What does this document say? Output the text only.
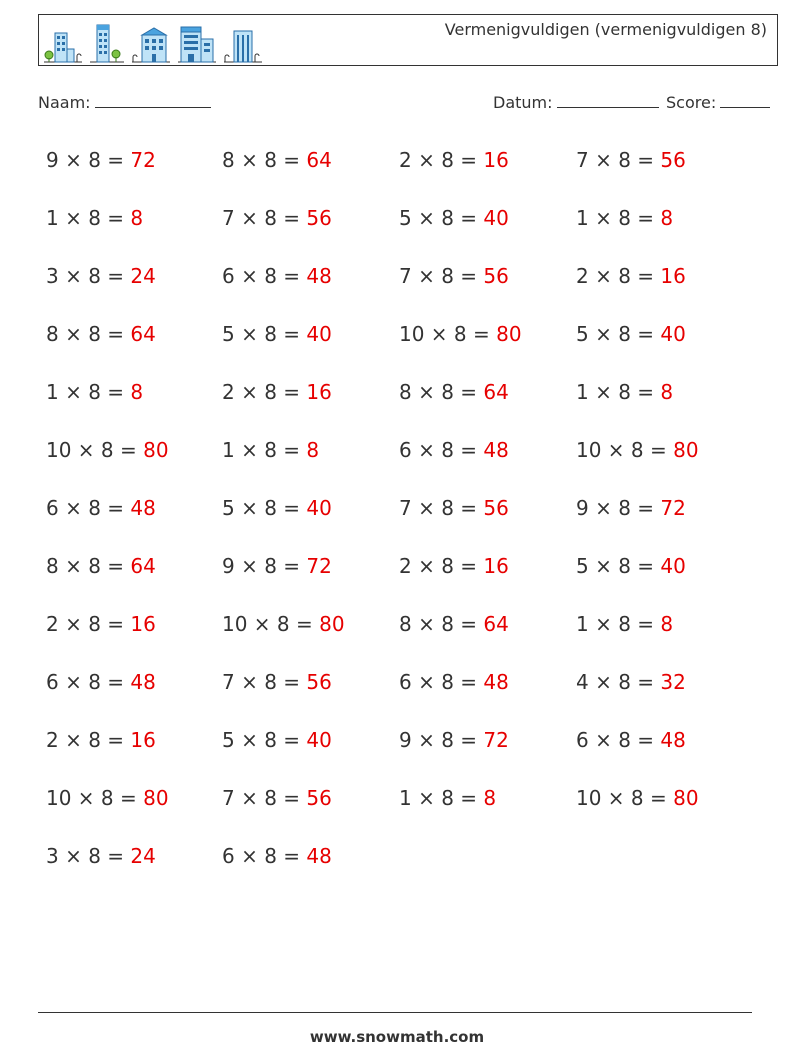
Vermenigvuldigen (vermenigvuldigen 8)
Naam:	Datum:	Score:
9 × 8 = 72	8 × 8 = 64	2 × 8 = 16	7 × 8 = 56
1 × 8 = 8	7 × 8 = 56	5 × 8 = 40	1 × 8 = 8
3 × 8 = 24	6 × 8 = 48	7 × 8 = 56	2 × 8 = 16
8 × 8 = 64	5 × 8 = 40	10 × 8 = 80	5 × 8 = 40
1 × 8 = 8	2 × 8 = 16	8 × 8 = 64	1 × 8 = 8
10 × 8 = 80	1 × 8 = 8	6 × 8 = 48	10 × 8 = 80
6 × 8 = 48	5 × 8 = 40	7 × 8 = 56	9 × 8 = 72
8 × 8 = 64	9 × 8 = 72	2 × 8 = 16	5 × 8 = 40
2 × 8 = 16	10 × 8 = 80	8 × 8 = 64	1 × 8 = 8
6 × 8 = 48	7 × 8 = 56	6 × 8 = 48	4 × 8 = 32
2 × 8 = 16	5 × 8 = 40	9 × 8 = 72	6 × 8 = 48
10 × 8 = 80	7 × 8 = 56	1 × 8 = 8	10 × 8 = 80
3 × 8 = 24	6 × 8 = 48
www.snowmath.com
